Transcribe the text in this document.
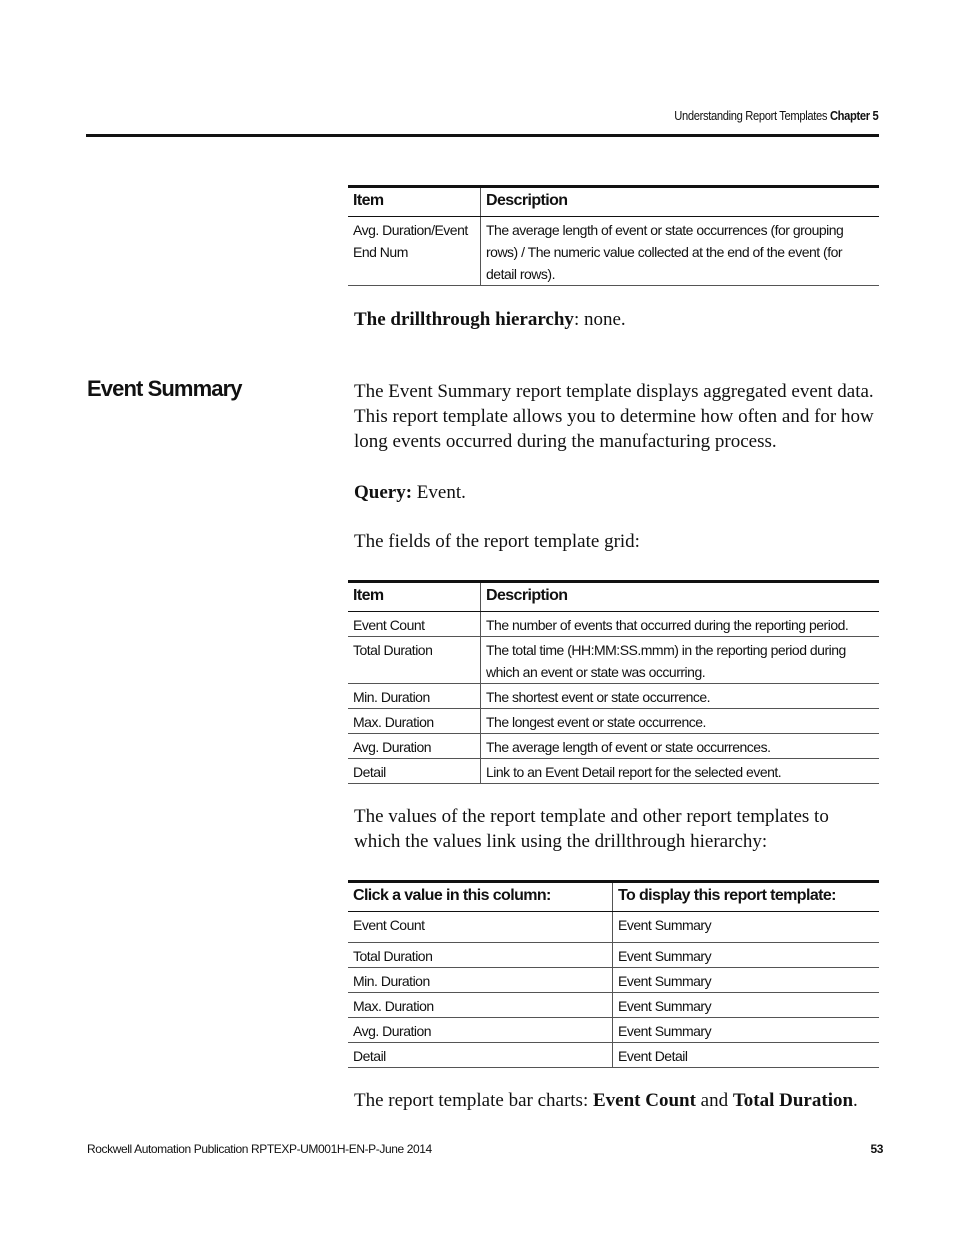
Understanding Report Templates Chapter 5
Item	Description
Avg. Duration/Event End Num	The average length of event or state occurrences (for grouping rows) / The numeric value collected at the end of the event (for detail rows).
The drillthrough hierarchy: none.
Event Summary	The Event Summary report template displays aggregated event data. This report template allows you to determine how often and for how long events occurred during the manufacturing process.
Query: Event.
The fields of the report template grid:
Item	Description
Event Count	The number of events that occurred during the reporting period.
Total Duration	The total time (HH:MM:SS.mmm) in the reporting period during which an event or state was occurring.
Min. Duration	The shortest event or state occurrence.
Max. Duration	The longest event or state occurrence.
Avg. Duration	The average length of event or state occurrences.
Detail	Link to an Event Detail report for the selected event.
The values of the report template and other report templates to which the values link using the drillthrough hierarchy:
Click a value in this column:	To display this report template:
Event Count	Event Summary
Total Duration	Event Summary
Min. Duration	Event Summary
Max. Duration	Event Summary
Avg. Duration	Event Summary
Detail	Event Detail
The report template bar charts: Event Count and Total Duration.
Rockwell Automation Publication RPTEXP-UM001H-EN-P-June 2014	53
